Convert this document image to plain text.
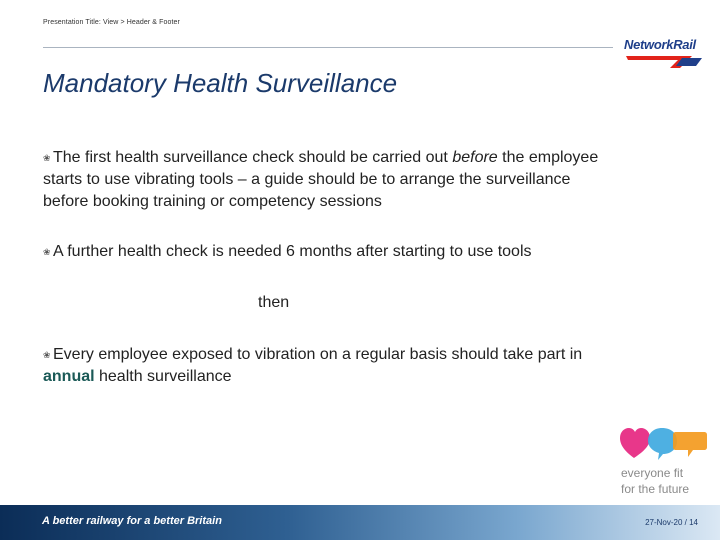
Presentation Title: View > Header & Footer
NetworkRail
Mandatory Health Surveillance
❀ The first health surveillance check should be carried out before the employee starts to use vibrating tools – a guide should be to arrange the surveillance before booking training or competency sessions
❀ A further health check is needed 6 months after starting to use tools
then
❀ Every employee exposed to vibration on a regular basis should take part in annual health surveillance
everyone fit
for the future
A better railway for a better Britain	27-Nov-20 / 14
